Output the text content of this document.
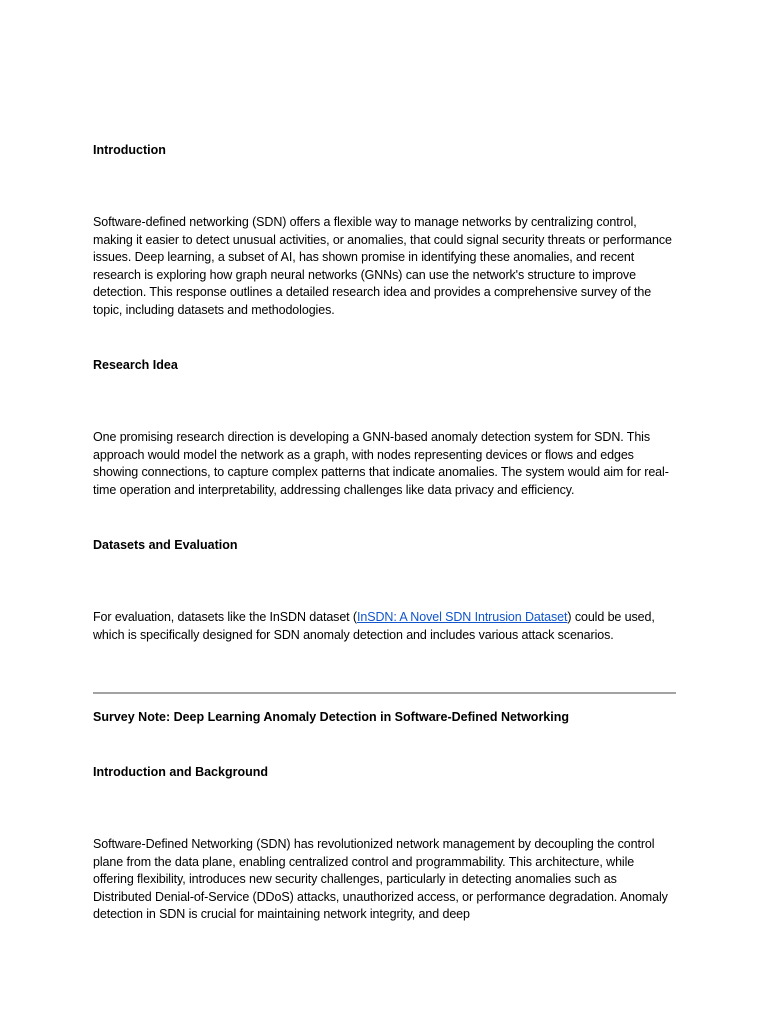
Introduction
Software-defined networking (SDN) offers a flexible way to manage networks by centralizing control, making it easier to detect unusual activities, or anomalies, that could signal security threats or performance issues. Deep learning, a subset of AI, has shown promise in identifying these anomalies, and recent research is exploring how graph neural networks (GNNs) can use the network's structure to improve detection. This response outlines a detailed research idea and provides a comprehensive survey of the topic, including datasets and methodologies.
Research Idea
One promising research direction is developing a GNN-based anomaly detection system for SDN. This approach would model the network as a graph, with nodes representing devices or flows and edges showing connections, to capture complex patterns that indicate anomalies. The system would aim for real-time operation and interpretability, addressing challenges like data privacy and efficiency.
Datasets and Evaluation
For evaluation, datasets like the InSDN dataset (InSDN: A Novel SDN Intrusion Dataset) could be used, which is specifically designed for SDN anomaly detection and includes various attack scenarios.
Survey Note: Deep Learning Anomaly Detection in Software-Defined Networking
Introduction and Background
Software-Defined Networking (SDN) has revolutionized network management by decoupling the control plane from the data plane, enabling centralized control and programmability. This architecture, while offering flexibility, introduces new security challenges, particularly in detecting anomalies such as Distributed Denial-of-Service (DDoS) attacks, unauthorized access, or performance degradation. Anomaly detection in SDN is crucial for maintaining network integrity, and deep
